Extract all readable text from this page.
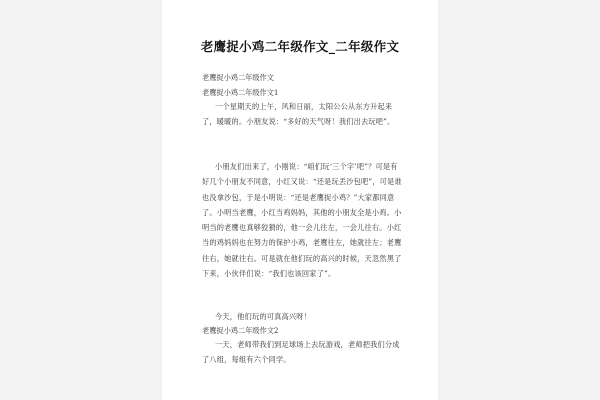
老鹰捉小鸡二年级作文_二年级作文
老鹰捉小鸡二年级作文
老鹰捉小鸡二年级作文1
一个星期天的上午，风和日丽，太阳公公从东方升起来了，暖暖的。小朋友说：“多好的天气呀！我们出去玩吧”。
小朋友们出来了，小刚说：“咱们玩‘三个字’吧”？可是有好几个小朋友不同意，小红又说：“还是玩丢沙包吧”，可是谁也没拿沙包，于是小明说：“还是老鹰捉小鸡？”大家都同意了。小明当老鹰，小红当鸡妈妈，其他的小朋友全是小鸡。小明当的老鹰也真够狡猾的，他一会儿往左，一会儿往右。小红当的鸡妈妈也在努力的保护小鸡，老鹰往左，她就往左；老鹰往右，她就往右。可是就在他们玩的高兴的时候，天忽然黑了下来，小伙伴们说：“我们也该回家了”。
今天，他们玩的可真高兴呀！
老鹰捉小鸡二年级作文2
一天，老师带我们到足球场上去玩游戏，老师把我们分成了八组，每组有六个同学。
